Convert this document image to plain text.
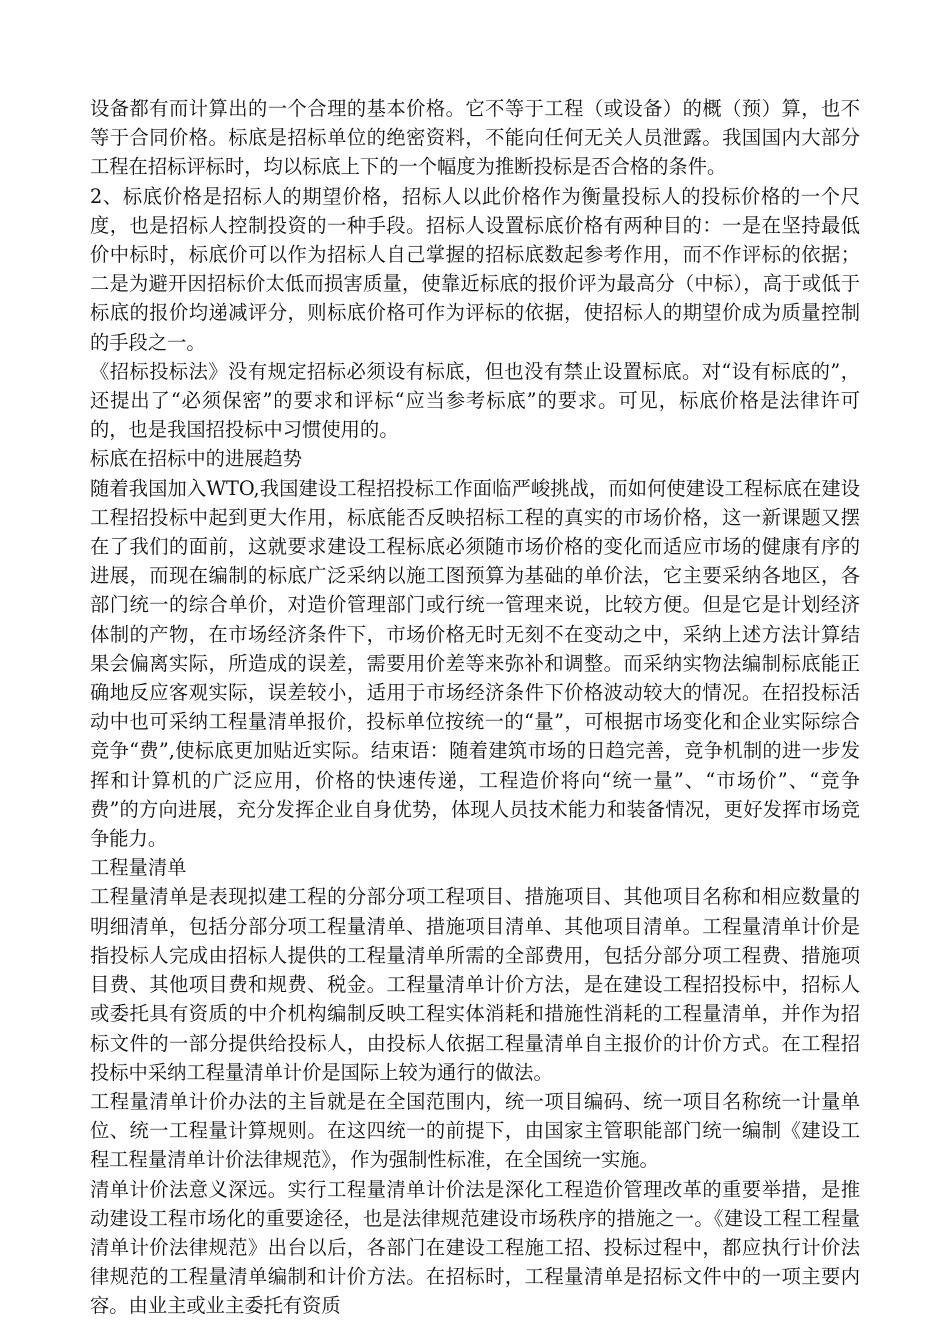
设备都有而计算出的一个合理的基本价格。它不等于工程（或设备）的概（预）算，也不等于合同价格。标底是招标单位的绝密资料，不能向任何无关人员泄露。我国国内大部分工程在招标评标时，均以标底上下的一个幅度为推断投标是否合格的条件。

2、标底价格是招标人的期望价格，招标人以此价格作为衡量投标人的投标价格的一个尺度，也是招标人控制投资的一种手段。招标人设置标底价格有两种目的：一是在坚持最低价中标时，标底价可以作为招标人自己掌握的招标底数起参考作用，而不作评标的依据；二是为避开因招标价太低而损害质量，使靠近标底的报价评为最高分（中标），高于或低于标底的报价均递减评分，则标底价格可作为评标的依据，使招标人的期望价成为质量控制的手段之一。

《招标投标法》没有规定招标必须设有标底，但也没有禁止设置标底。对“设有标底的”，还提出了“必须保密”的要求和评标“应当参考标底”的要求。可见，标底价格是法律许可的，也是我国招投标中习惯使用的。

标底在招标中的进展趋势

随着我国加入WTO,我国建设工程招投标工作面临严峻挑战，而如何使建设工程标底在建设工程招投标中起到更大作用，标底能否反映招标工程的真实的市场价格，这一新课题又摆在了我们的面前，这就要求建设工程标底必须随市场价格的变化而适应市场的健康有序的进展，而现在编制的标底广泛采纳以施工图预算为基础的单价法，它主要采纳各地区，各部门统一的综合单价，对造价管理部门或行统一管理来说，比较方便。但是它是计划经济体制的产物，在市场经济条件下，市场价格无时无刻不在变动之中，采纳上述方法计算结果会偏离实际，所造成的误差，需要用价差等来弥补和调整。而采纳实物法编制标底能正确地反应客观实际，误差较小，适用于市场经济条件下价格波动较大的情况。在招投标活动中也可采纳工程量清单报价，投标单位按统一的“量”，可根据市场变化和企业实际综合竞争“费”,使标底更加贴近实际。结束语：随着建筑市场的日趋完善，竞争机制的进一步发挥和计算机的广泛应用，价格的快速传递，工程造价将向“统一量”、“市场价”、“竞争费”的方向进展，充分发挥企业自身优势，体现人员技术能力和装备情况，更好发挥市场竞争能力。

工程量清单

工程量清单是表现拟建工程的分部分项工程项目、措施项目、其他项目名称和相应数量的明细清单，包括分部分项工程量清单、措施项目清单、其他项目清单。工程量清单计价是指投标人完成由招标人提供的工程量清单所需的全部费用，包括分部分项工程费、措施项目费、其他项目费和规费、税金。工程量清单计价方法，是在建设工程招投标中，招标人或委托具有资质的中介机构编制反映工程实体消耗和措施性消耗的工程量清单，并作为招标文件的一部分提供给投标人，由投标人依据工程量清单自主报价的计价方式。在工程招投标中采纳工程量清单计价是国际上较为通行的做法。

工程量清单计价办法的主旨就是在全国范围内，统一项目编码、统一项目名称统一计量单位、统一工程量计算规则。在这四统一的前提下，由国家主管职能部门统一编制《建设工程工程量清单计价法律规范》，作为强制性标准，在全国统一实施。

清单计价法意义深远。实行工程量清单计价法是深化工程造价管理改革的重要举措，是推动建设工程市场化的重要途径，也是法律规范建设市场秩序的措施之一。《建设工程工程量清单计价法律规范》出台以后，各部门在建设工程施工招、投标过程中，都应执行计价法律规范的工程量清单编制和计价方法。在招标时，工程量清单是招标文件中的一项主要内容。由业主或业主委托有资质
